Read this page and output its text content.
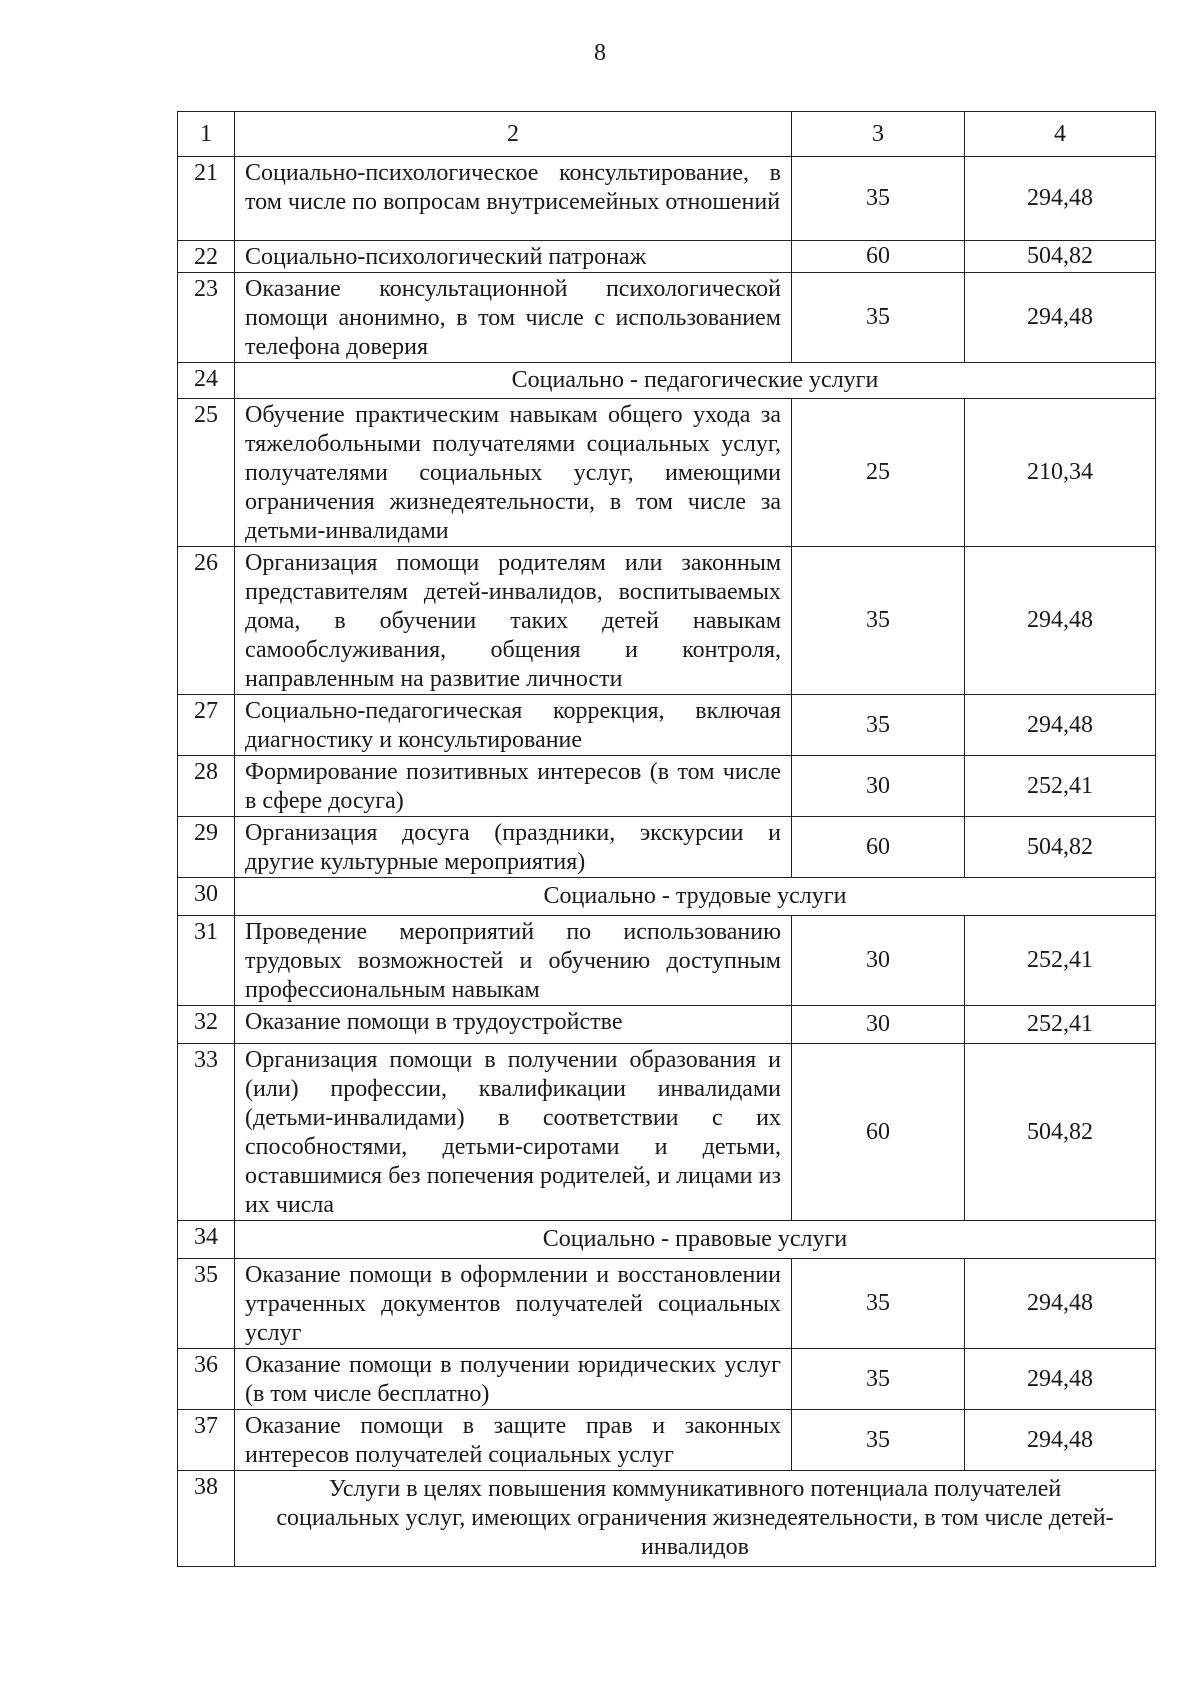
8
1	2	3	4
21	Социально-психологическое консультирование, в том числе по вопросам внутрисемейных отношений	35	294,48
22	Социально-психологический патронаж	60	504,82
23	Оказание консультационной психологической помощи анонимно, в том числе с использованием телефона доверия	35	294,48
24	Социально - педагогические услуги		
25	Обучение практическим навыкам общего ухода за тяжелобольными получателями социальных услуг, получателями социальных услуг, имеющими ограничения жизнедеятельности, в том числе за детьми-инвалидами	25	210,34
26	Организация помощи родителям или законным представителям детей-инвалидов, воспитываемых дома, в обучении таких детей навыкам самообслуживания, общения и контроля, направленным на развитие личности	35	294,48
27	Социально-педагогическая коррекция, включая диагностику и консультирование	35	294,48
28	Формирование позитивных интересов (в том числе в сфере досуга)	30	252,41
29	Организация досуга (праздники, экскурсии и другие культурные мероприятия)	60	504,82
30	Социально - трудовые услуги		
31	Проведение мероприятий по использованию трудовых возможностей и обучению доступным профессиональным навыкам	30	252,41
32	Оказание помощи в трудоустройстве	30	252,41
33	Организация помощи в получении образования и (или) профессии, квалификации инвалидами (детьми-инвалидами) в соответствии с их способностями, детьми-сиротами и детьми, оставшимися без попечения родителей, и лицами из их числа	60	504,82
34	Социально - правовые услуги		
35	Оказание помощи в оформлении и восстановлении утраченных документов получателей социальных услуг	35	294,48
36	Оказание помощи в получении юридических услуг (в том числе бесплатно)	35	294,48
37	Оказание помощи в защите прав и законных интересов получателей социальных услуг	35	294,48
38	Услуги в целях повышения коммуникативного потенциала получателей социальных услуг, имеющих ограничения жизнедеятельности, в том числе детей-инвалидов		
